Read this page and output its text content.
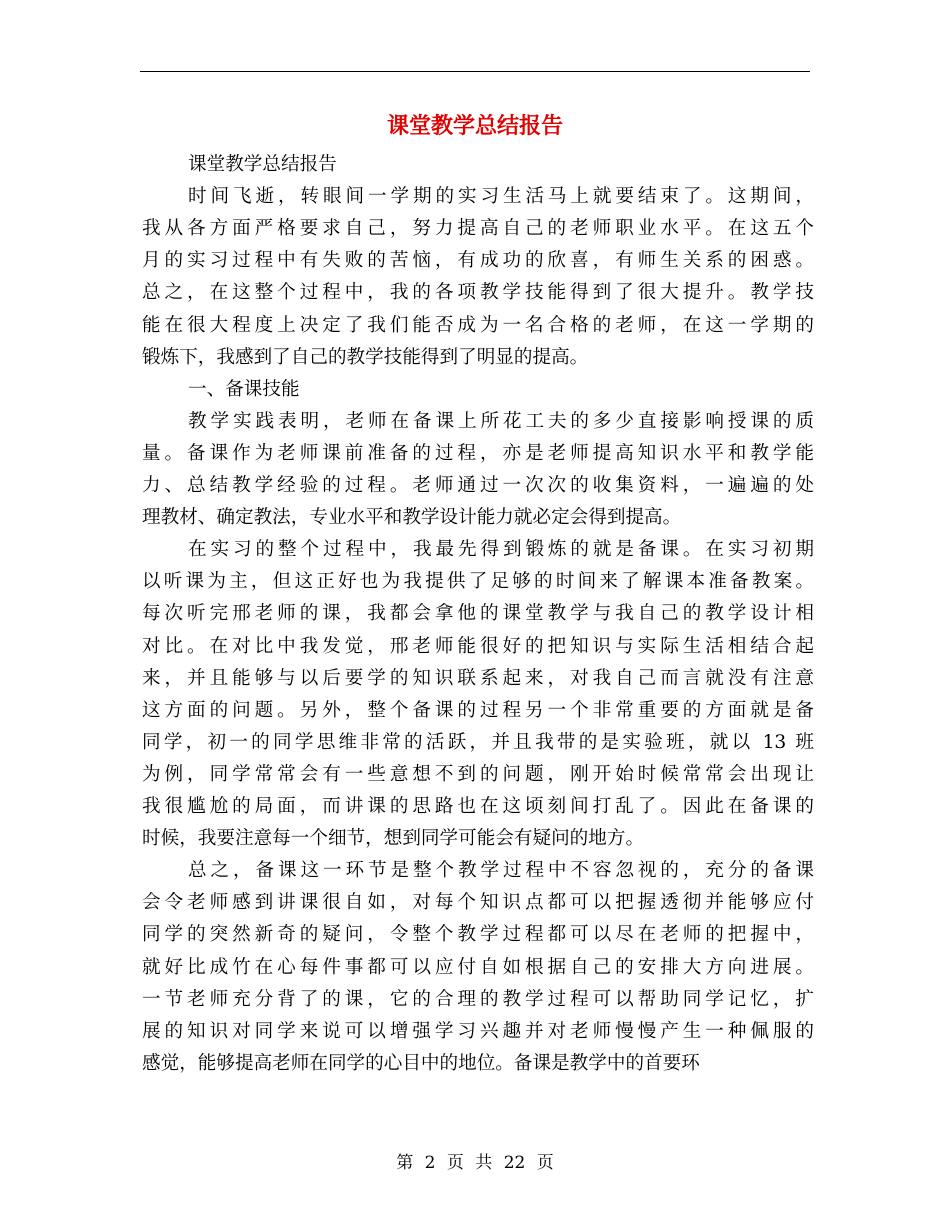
课堂教学总结报告
课堂教学总结报告
时间飞逝，转眼间一学期的实习生活马上就要结束了。这期间，
我从各方面严格要求自己，努力提高自己的老师职业水平。在这五个
月的实习过程中有失败的苦恼，有成功的欣喜，有师生关系的困惑。
总之，在这整个过程中，我的各项教学技能得到了很大提升。教学技
能在很大程度上决定了我们能否成为一名合格的老师，在这一学期的
锻炼下，我感到了自己的教学技能得到了明显的提高。
一、备课技能
教学实践表明，老师在备课上所花工夫的多少直接影响授课的质
量。备课作为老师课前准备的过程，亦是老师提高知识水平和教学能
力、总结教学经验的过程。老师通过一次次的收集资料，一遍遍的处
理教材、确定教法，专业水平和教学设计能力就必定会得到提高。
在实习的整个过程中，我最先得到锻炼的就是备课。在实习初期
以听课为主，但这正好也为我提供了足够的时间来了解课本准备教案。
每次听完邢老师的课，我都会拿他的课堂教学与我自己的教学设计相
对比。在对比中我发觉，邢老师能很好的把知识与实际生活相结合起
来，并且能够与以后要学的知识联系起来，对我自己而言就没有注意
这方面的问题。另外，整个备课的过程另一个非常重要的方面就是备
同学，初一的同学思维非常的活跃，并且我带的是实验班，就以 13 班
为例，同学常常会有一些意想不到的问题，刚开始时候常常会出现让
我很尴尬的局面，而讲课的思路也在这顷刻间打乱了。因此在备课的
时候，我要注意每一个细节，想到同学可能会有疑问的地方。
总之，备课这一环节是整个教学过程中不容忽视的，充分的备课
会令老师感到讲课很自如，对每个知识点都可以把握透彻并能够应付
同学的突然新奇的疑问，令整个教学过程都可以尽在老师的把握中，
就好比成竹在心每件事都可以应付自如根据自己的安排大方向进展。
一节老师充分背了的课，它的合理的教学过程可以帮助同学记忆，扩
展的知识对同学来说可以增强学习兴趣并对老师慢慢产生一种佩服的
感觉，能够提高老师在同学的心目中的地位。备课是教学中的首要环
第 2 页 共 22 页
